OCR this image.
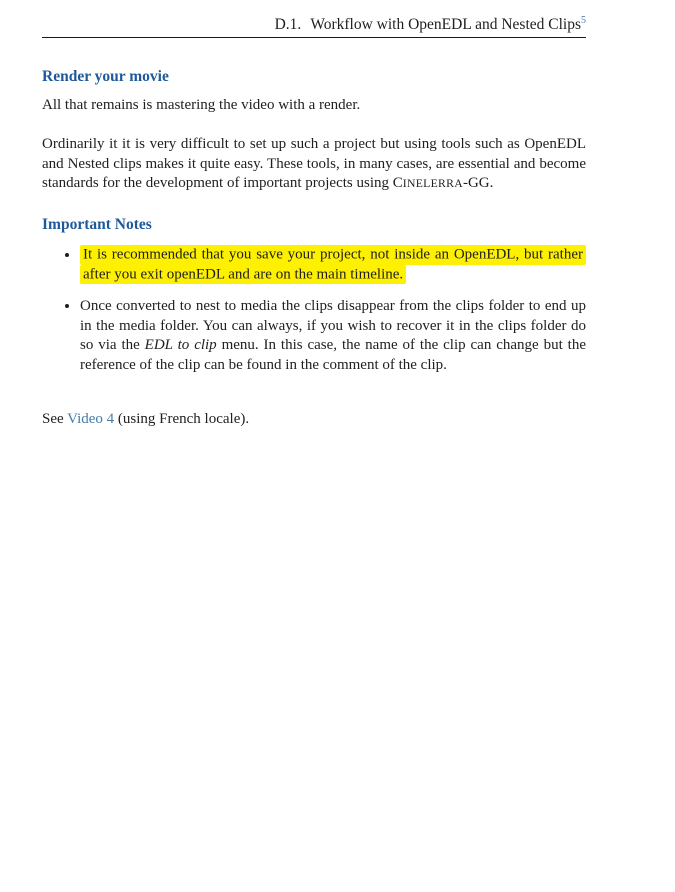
D.1. Workflow with OpenEDL and Nested Clips$^5$
Render your movie

All that remains is mastering the video with a render.

Ordinarily it it is very difficult to set up such a project but using tools such as OpenEDL and Nested clips makes it quite easy. These tools, in many cases, are essential and become standards for the development of important projects using CINELERRA-GG.

Important Notes
• It is recommended that you save your project, not inside an OpenEDL, but rather after you exit openEDL and are on the main timeline.
• Once converted to nest to media the clips disappear from the clips folder to end up in the media folder. You can always, if you wish to recover it in the clips folder do so via the EDL to clip menu. In this case, the name of the clip can change but the reference of the clip can be found in the comment of the clip.

See Video 4 (using French locale).
